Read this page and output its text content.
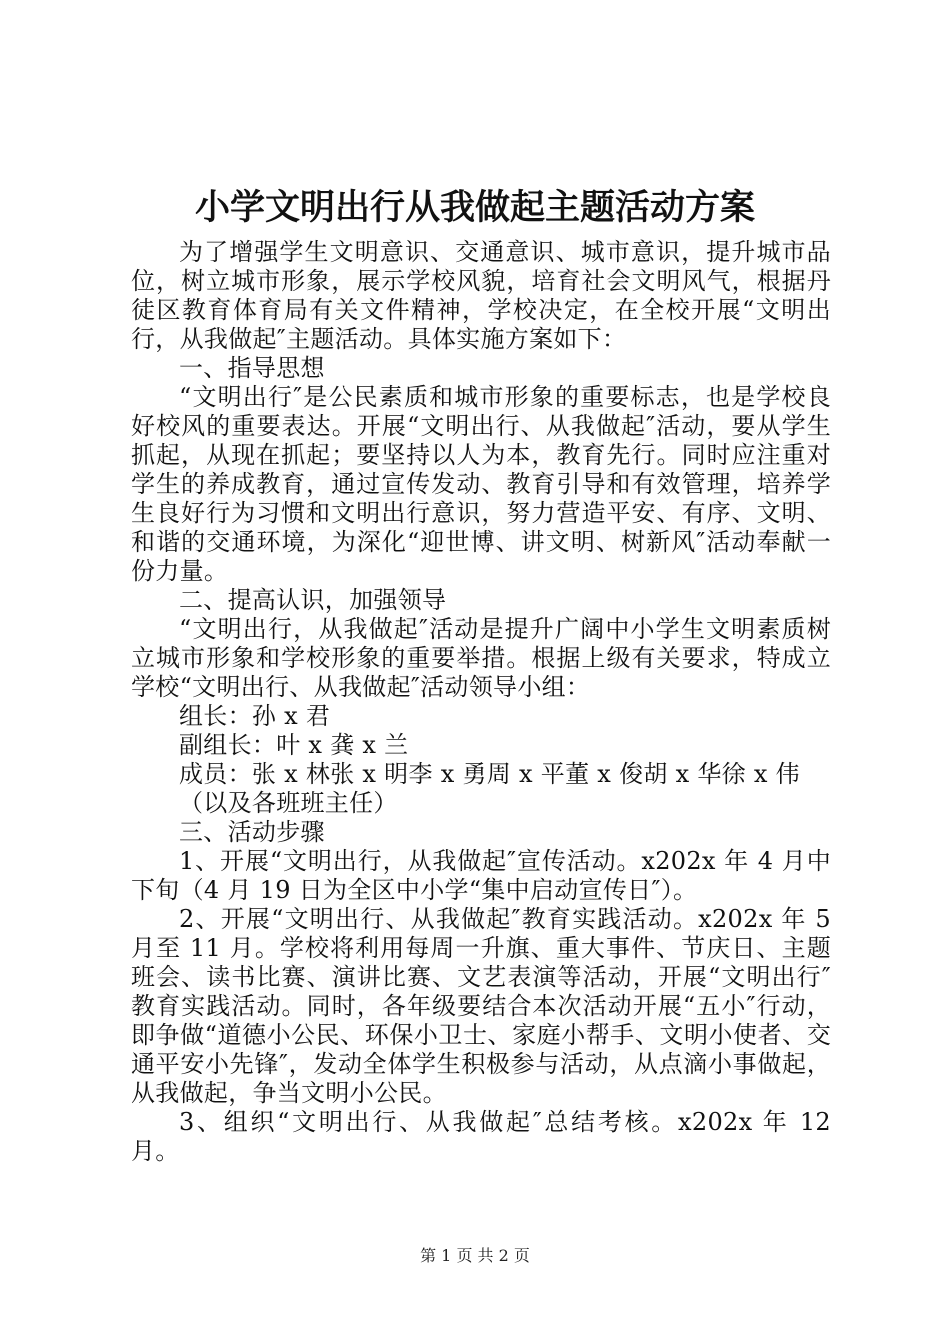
小学文明出行从我做起主题活动方案

为了增强学生文明意识、交通意识、城市意识，提升城市品位，树立城市形象，展示学校风貌，培育社会文明风气，根据丹徒区教育体育局有关文件精神，学校决定，在全校开展“文明出行，从我做起″主题活动。具体实施方案如下：

一、指导思想

“文明出行″是公民素质和城市形象的重要标志，也是学校良好校风的重要表达。开展“文明出行、从我做起″活动，要从学生抓起，从现在抓起；要坚持以人为本，教育先行。同时应注重对学生的养成教育，通过宣传发动、教育引导和有效管理，培养学生良好行为习惯和文明出行意识，努力营造平安、有序、文明、和谐的交通环境，为深化“迎世博、讲文明、树新风″活动奉献一份力量。

二、提高认识，加强领导

“文明出行，从我做起″活动是提升广阔中小学生文明素质树立城市形象和学校形象的重要举措。根据上级有关要求，特成立学校“文明出行、从我做起″活动领导小组：

组长：孙 x 君

副组长：叶 x 龚 x 兰

成员：张 x 林张 x 明李 x 勇周 x 平董 x 俊胡 x 华徐 x 伟

（以及各班班主任）

三、活动步骤

1、开展“文明出行，从我做起″宣传活动。x202x 年 4 月中下旬（4 月 19 日为全区中小学“集中启动宣传日″）。

2、开展“文明出行、从我做起″教育实践活动。x202x 年 5 月至 11 月。学校将利用每周一升旗、重大事件、节庆日、主题班会、读书比赛、演讲比赛、文艺表演等活动，开展“文明出行″教育实践活动。同时，各年级要结合本次活动开展“五小″行动，即争做“道德小公民、环保小卫士、家庭小帮手、文明小使者、交通平安小先锋″，发动全体学生积极参与活动，从点滴小事做起，从我做起，争当文明小公民。

3、组织“文明出行、从我做起″总结考核。x202x 年 12 月。

第 1 页 共 2 页
